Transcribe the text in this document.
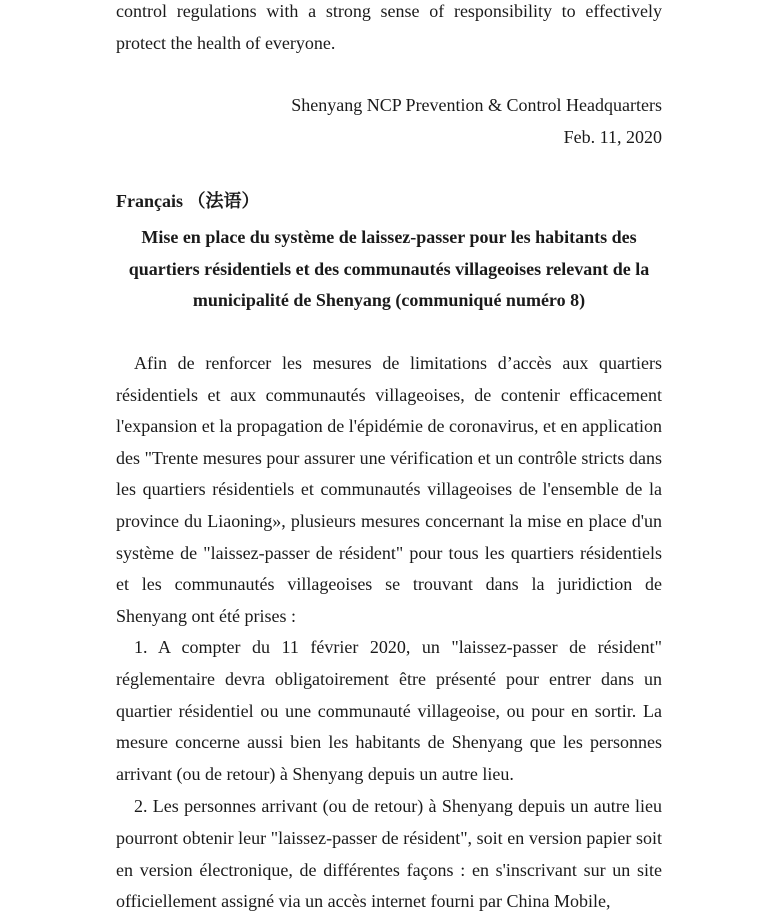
control regulations with a strong sense of responsibility to effectively

protect the health of everyone.

Shenyang NCP Prevention & Control Headquarters

Feb. 11, 2020

Français （法语）

Mise en place du système de laissez-passer pour les habitants des

quartiers résidentiels et des communautés villageoises relevant de la

municipalité de Shenyang (communiqué numéro 8)

Afin de renforcer les mesures de limitations d’accès aux quartiers résidentiels et aux communautés villageoises, de contenir efficacement l'expansion et la propagation de l'épidémie de coronavirus, et en application des "Trente mesures pour assurer une vérification et un contrôle stricts dans les quartiers résidentiels et communautés villageoises de l'ensemble de la province du Liaoning», plusieurs mesures concernant la mise en place d'un système de "laissez-passer de résident" pour tous les quartiers résidentiels et les communautés villageoises se trouvant dans la juridiction de Shenyang ont été prises :

1. A compter du 11 février 2020, un "laissez-passer de résident" réglementaire devra obligatoirement être présenté pour entrer dans un quartier résidentiel ou une communauté villageoise, ou pour en sortir. La mesure concerne aussi bien les habitants de Shenyang que les personnes arrivant (ou de retour) à Shenyang depuis un autre lieu.

2. Les personnes arrivant (ou de retour) à Shenyang depuis un autre lieu pourront obtenir leur "laissez-passer de résident", soit en version papier soit en version électronique, de différentes façons : en s'inscrivant sur un site officiellement assigné via un accès internet fourni par China Mobile,
